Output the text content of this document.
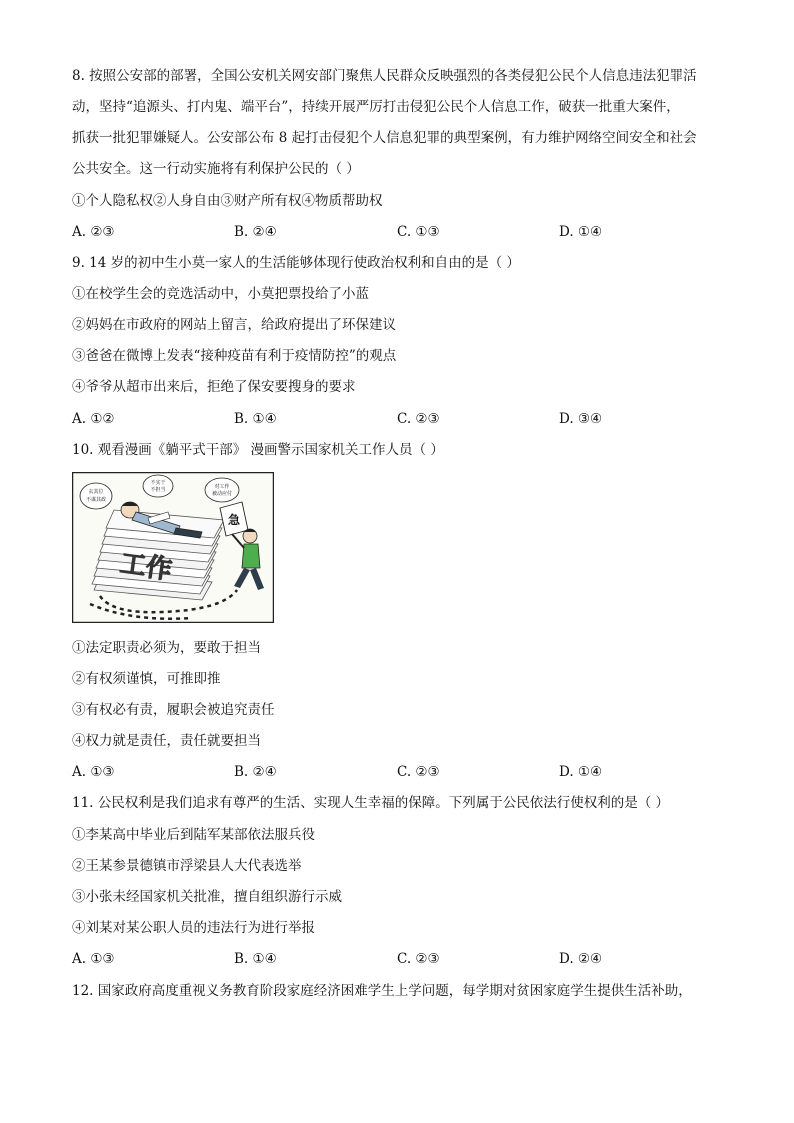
8. 按照公安部的部署，全国公安机关网安部门聚焦人民群众反映强烈的各类侵犯公民个人信息违法犯罪活
动，坚持“追源头、打内鬼、端平台”，持续开展严厉打击侵犯公民个人信息工作，破获一批重大案件，
抓获一批犯罪嫌疑人。公安部公布 8 起打击侵犯个人信息犯罪的典型案例，有力维护网络空间安全和社会
公共安全。这一行动实施将有利保护公民的（ ）
①个人隐私权②人身自由③财产所有权④物质帮助权
A. ②③	B. ②④	C. ①③	D. ①④
9. 14 岁的初中生小莫一家人的生活能够体现行使政治权利和自由的是（ ）
①在校学生会的竞选活动中，小莫把票投给了小蓝
②妈妈在市政府的网站上留言，给政府提出了环保建议
③爸爸在微博上发表“接种疫苗有利于疫情防控”的观点
④爷爷从超市出来后，拒绝了保安要搜身的要求
A. ①②	B. ①④	C. ②③	D. ③④
10. 观看漫画《躺平式干部》 漫画警示国家机关工作人员（ ）
工作
玄其位
不谋其政
不实干
不担当	对工作
被动应付
急
①法定职责必须为，要敢于担当
②有权须谨慎，可推即推
③有权必有责，履职会被追究责任
④权力就是责任，责任就要担当
A. ①③	B. ②④	C. ②③	D. ①④
11. 公民权利是我们追求有尊严的生活、实现人生幸福的保障。下列属于公民依法行使权利的是（ ）
①李某高中毕业后到陆军某部依法服兵役
②王某参景德镇市浮梁县人大代表选举
③小张未经国家机关批准，擅自组织游行示威
④刘某对某公职人员的违法行为进行举报
A. ①③	B. ①④	C. ②③	D. ②④
12. 国家政府高度重视义务教育阶段家庭经济困难学生上学问题，每学期对贫困家庭学生提供生活补助，
